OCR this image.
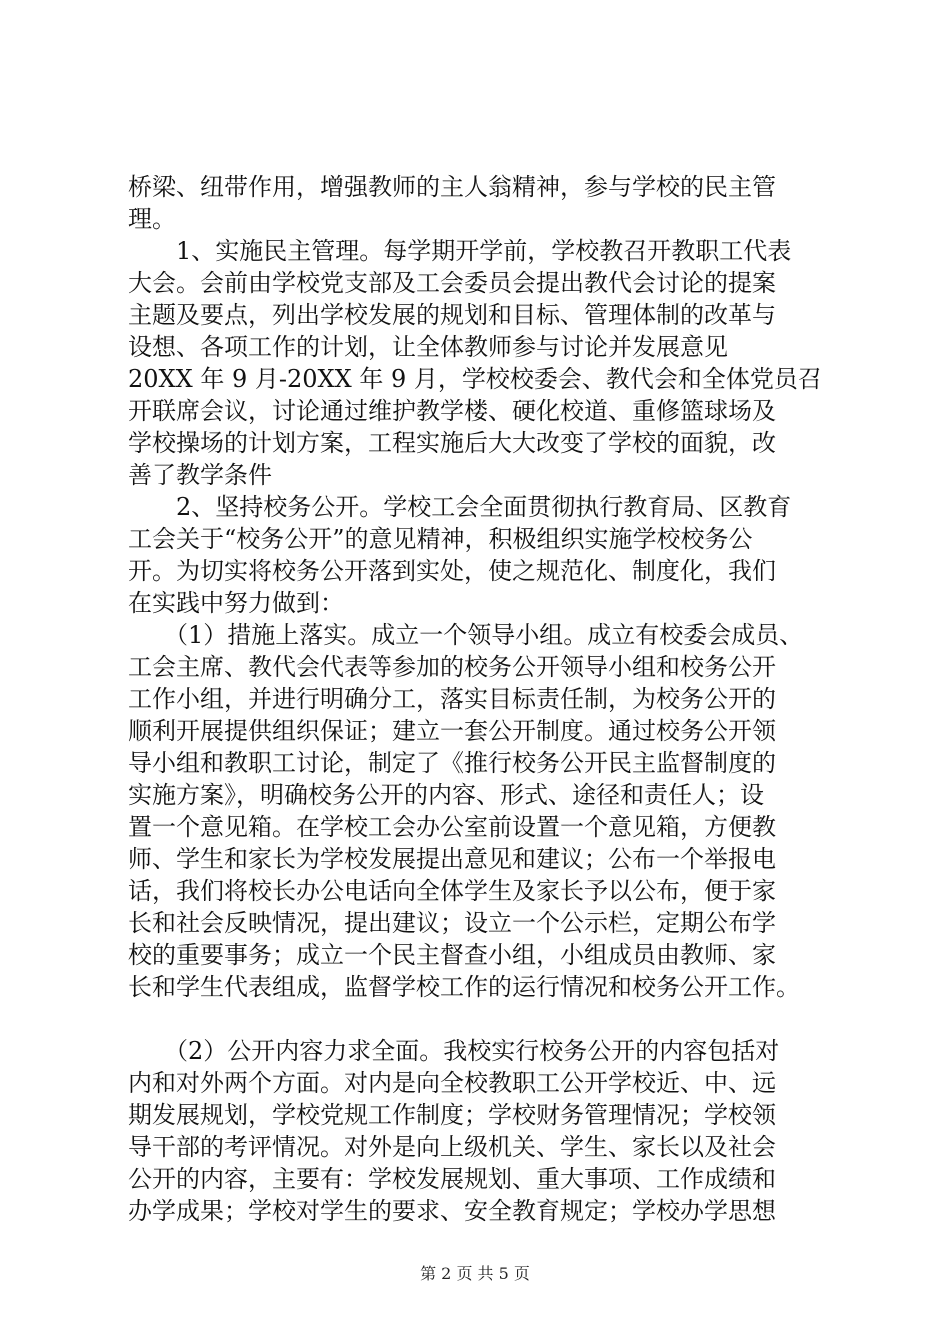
桥梁、纽带作用，增强教师的主人翁精神，参与学校的民主管
理。
　　1、实施民主管理。每学期开学前，学校教召开教职工代表
大会。会前由学校党支部及工会委员会提出教代会讨论的提案
主题及要点，列出学校发展的规划和目标、管理体制的改革与
设想、各项工作的计划，让全体教师参与讨论并发展意见
20XX 年 9 月-20XX 年 9 月，学校校委会、教代会和全体党员召
开联席会议，讨论通过维护教学楼、硬化校道、重修篮球场及
学校操场的计划方案，工程实施后大大改变了学校的面貌，改
善了教学条件
　　2、坚持校务公开。学校工会全面贯彻执行教育局、区教育
工会关于“校务公开”的意见精神，积极组织实施学校校务公
开。为切实将校务公开落到实处，使之规范化、制度化，我们
在实践中努力做到：
　　（1）措施上落实。成立一个领导小组。成立有校委会成员、
工会主席、教代会代表等参加的校务公开领导小组和校务公开
工作小组，并进行明确分工，落实目标责任制，为校务公开的
顺利开展提供组织保证；建立一套公开制度。通过校务公开领
导小组和教职工讨论，制定了《推行校务公开民主监督制度的
实施方案》，明确校务公开的内容、形式、途径和责任人；设
置一个意见箱。在学校工会办公室前设置一个意见箱，方便教
师、学生和家长为学校发展提出意见和建议；公布一个举报电
话，我们将校长办公电话向全体学生及家长予以公布，便于家
长和社会反映情况，提出建议；设立一个公示栏，定期公布学
校的重要事务；成立一个民主督查小组，小组成员由教师、家
长和学生代表组成，监督学校工作的运行情况和校务公开工作。
　　（2）公开内容力求全面。我校实行校务公开的内容包括对
内和对外两个方面。对内是向全校教职工公开学校近、中、远
期发展规划，学校党规工作制度；学校财务管理情况；学校领
导干部的考评情况。对外是向上级机关、学生、家长以及社会
公开的内容，主要有：学校发展规划、重大事项、工作成绩和
办学成果；学校对学生的要求、安全教育规定；学校办学思想
第 2 页 共 5 页
